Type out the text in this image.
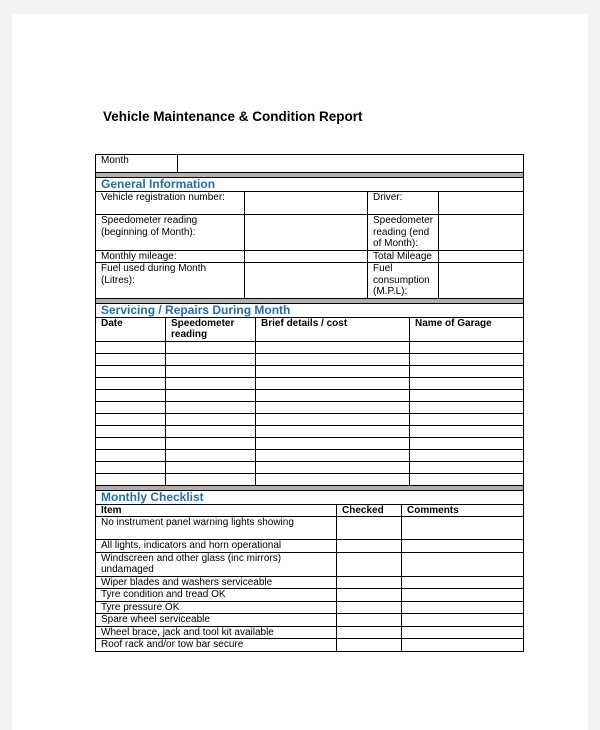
Vehicle Maintenance & Condition Report
Month									

General Information									
Vehicle registration number:						Driver:			
Speedometer reading (beginning of Month):						Speedometer reading (end of Month):			
Monthly mileage:						Total Mileage			
Fuel used during Month (Litres):						Fuel consumption (M.P.L):			

Servicing / Repairs During Month									
Date	Speedometer reading			Brief details / cost				Name of Garage	

Monthly Checklist									
Item					Checked		Comments		
No instrument panel warning lights showing									
All lights, indicators and horn operational									
Windscreen and other glass (inc mirrors) undamaged									
Wiper blades and washers serviceable									
Tyre condition and tread OK									
Tyre pressure OK									
Spare wheel serviceable									
Wheel brace, jack and tool kit available									
Roof rack and/or tow bar secure									
